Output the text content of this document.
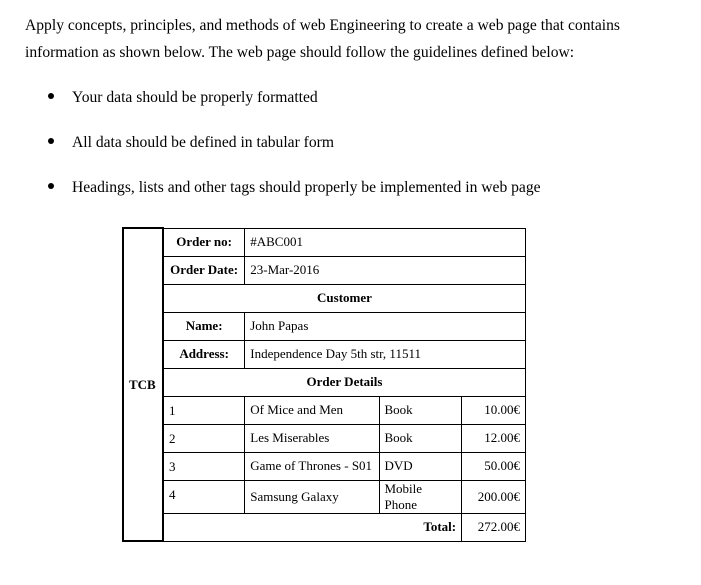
Apply concepts, principles, and methods of web Engineering to create a web page that contains information as shown below. The web page should follow the guidelines defined below:

Your data should be properly formatted
All data should be defined in tabular form
Headings, lists and other tags should properly be implemented in web page
TCB	Order no:	#ABC001		
	Order Date:	23-Mar-2016		
	Customer			
	Name:	John Papas		
	Address:	Independence Day 5th str, 11511		
	Order Details			
	1	Of Mice and Men	Book	10.00€
	2	Les Miserables	Book	12.00€
	3	Game of Thrones - S01	DVD	50.00€
	4	Samsung Galaxy	Mobile Phone	200.00€
	Total:			272.00€
